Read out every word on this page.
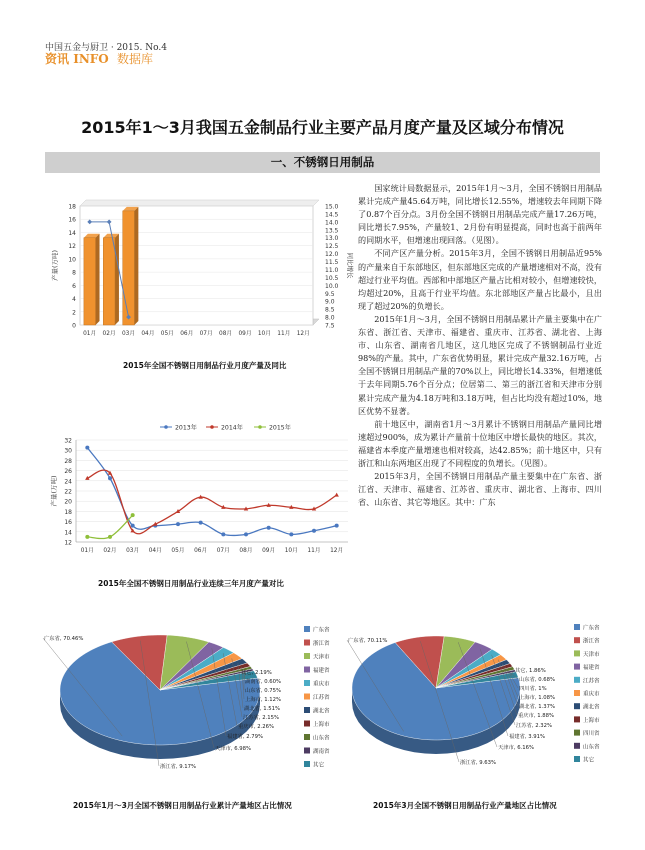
中国五金与厨卫 · 2015. No.4
资讯 INFO 数据库
2015年1～3月我国五金制品行业主要产品月度产量及区域分布情况
一、不锈钢日用制品

国家统计局数据显示，2015年1月～3月，全国不锈钢日用制品累计完成产量45.64万吨，同比增长12.55%，增速较去年同期下降了0.87个百分点。3月份全国不锈钢日用制品完成产量17.26万吨，同比增长7.95%，产量较1、2月份有明显提高，同时也高于前两年的同期水平，但增速出现回落。（见图）。

不同产区产量分析。2015年3月，全国不锈钢日用制品近95%的产量来自于东部地区，但东部地区完成的产量增速相对不高，没有超过行业平均值。西部和中部地区产量占比相对较小，但增速较快，均超过20%，且高于行业平均值。东北部地区产量占比最小，且出现了超过20%的负增长。

2015年1月～3月，全国不锈钢日用制品累计产量主要集中在广东省、浙江省、天津市、福建省、重庆市、江苏省、湖北省、上海市、山东省、湖南省几地区，这几地区完成了不锈钢制品行业近98%的产量。其中，广东省优势明显，累计完成产量32.16万吨，占全国不锈钢日用制品产量的70%以上，同比增长14.33%，但增速低于去年同期5.76个百分点；位居第二、第三的浙江省和天津市分别累计完成产量为4.18万吨和3.18万吨，但占比均没有超过10%，地区优势不显著。

前十地区中，湖南省1月～3月累计不锈钢日用制品产量同比增速超过900%，成为累计产量前十位地区中增长最快的地区。其次，福建省本季度产量增速也相对较高，达42.85%；前十地区中，只有浙江和山东两地区出现了不同程度的负增长。（见图）。

2015年3月，全国不锈钢日用制品产量主要集中在广东省、浙江省、天津市、福建省、江苏省、重庆市、湖北省、上海市、四川省、山东省、其它等地区。其中：广东

0
2
4
6
8
10
12
14
16
18
7.5
8.0
8.5
9.0
9.5
10.0
10.5
11.0
11.5
12.0
12.5
13.0
13.5
14.0
14.5
15.0
产量(万吨)	同比增长
01月 02月 03月 04月 05月 06月 07月 08月 09月 10月 11月 12月
2015年全国不锈钢日用制品行业月度产量及同比
2013年	2014年	2015年
12
14
16
18
20
22
24
26
28
30
32
产量(万吨)
01月 02月 03月 04月 05月 06月 07月 08月 09月 10月 11月 12月
2015年全国不锈钢日用制品行业连续三年月度产量对比
广东省, 70.46%
浙江省, 9.17%
天津市, 6.98%
福建省, 2.79%
重庆市, 2.26%
江苏省, 2.15%
湖北省, 1.51%
上海市, 1.12%
山东省, 0.75%
湖南省, 0.60%
其它, 2.19%
广东省
浙江省
天津市
福建省
重庆市
江苏省
湖北省
上海市
山东省
湖南省
其它
2015年1月～3月全国不锈钢日用制品行业累计产量地区占比情况
广东省, 70.11%
浙江省, 9.63%
天津市, 6.16%
福建省, 3.91%
江苏省, 2.32%
重庆市, 1.88%
湖北省, 1.37%
上海市, 1.08%
四川省, 1%
山东省, 0.68%
其它, 1.86%
广东省
浙江省
天津市
福建省
江苏省
重庆市
湖北省
上海市
四川省
山东省
其它
2015年3月全国不锈钢日用制品行业产量地区占比情况
